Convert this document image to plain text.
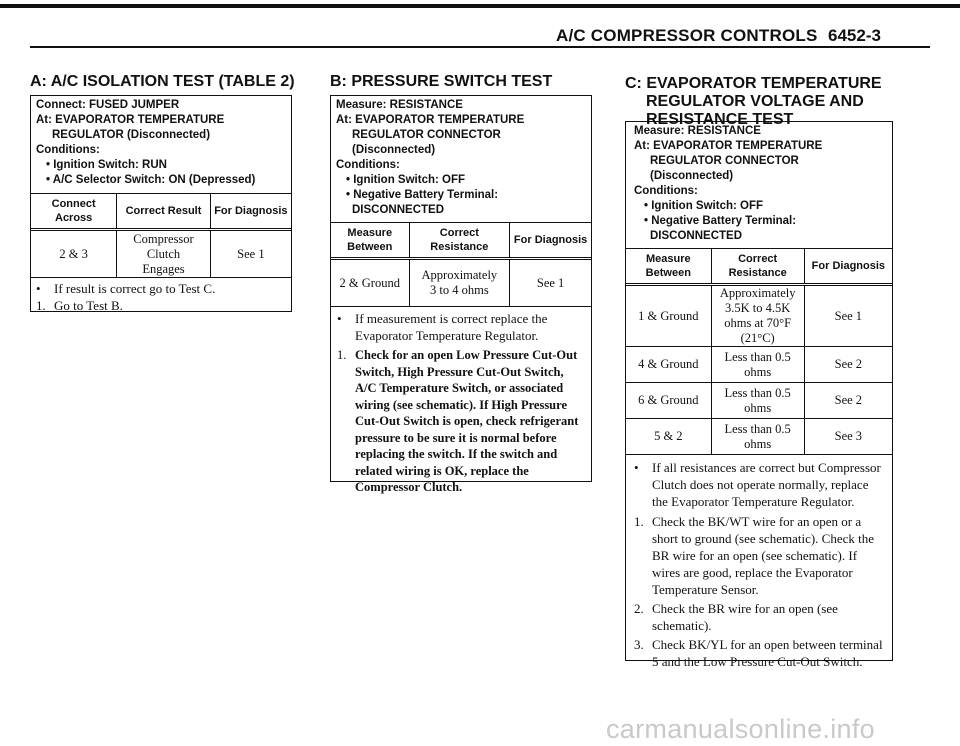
A/C COMPRESSOR CONTROLS 6452-3
A: A/C ISOLATION TEST (TABLE 2)
Connect: FUSED JUMPER
At: EVAPORATOR TEMPERATURE
REGULATOR (Disconnected)
Conditions:
• Ignition Switch: RUN
• A/C Selector Switch: ON (Depressed)
Connect Across	Correct Result	For Diagnosis
2 & 3	Compressor Clutch Engages	See 1
•	If result is correct go to Test C.
1. Go to Test B.
B: PRESSURE SWITCH TEST
Measure: RESISTANCE
At: EVAPORATOR TEMPERATURE
REGULATOR CONNECTOR
(Disconnected)
Conditions:
• Ignition Switch: OFF
• Negative Battery Terminal:
DISCONNECTED
Measure Between	Correct Resistance	For Diagnosis
2 & Ground	Approximately 3 to 4 ohms	See 1
•	If measurement is correct replace the Evaporator Temperature Regulator.
1. Check for an open Low Pressure Cut-Out Switch, High Pressure Cut-Out Switch, A/C Temperature Switch, or associated wiring (see schematic). If High Pressure Cut-Out Switch is open, check refrigerant pressure to be sure it is normal before replacing the switch. If the switch and related wiring is OK, replace the Compressor Clutch.
C: EVAPORATOR TEMPERATURE
REGULATOR VOLTAGE AND
RESISTANCE TEST
Measure: RESISTANCE
At: EVAPORATOR TEMPERATURE
REGULATOR CONNECTOR
(Disconnected)
Conditions:
• Ignition Switch: OFF
• Negative Battery Terminal:
DISCONNECTED
Measure Between	Correct Resistance	For Diagnosis
1 & Ground	Approximately 3.5K to 4.5K ohms at 70°F (21°C)	See 1
4 & Ground	Less than 0.5 ohms	See 2
6 & Ground	Less than 0.5 ohms	See 2
5 & 2	Less than 0.5 ohms	See 3
•	If all resistances are correct but Compressor Clutch does not operate normally, replace the Evaporator Temperature Regulator.
1. Check the BK/WT wire for an open or a short to ground (see schematic). Check the BR wire for an open (see schematic). If wires are good, replace the Evaporator Temperature Sensor.
2. Check the BR wire for an open (see schematic).
3. Check BK/YL for an open between terminal 5 and the Low Pressure Cut-Out Switch.
carmanualsonline.info
